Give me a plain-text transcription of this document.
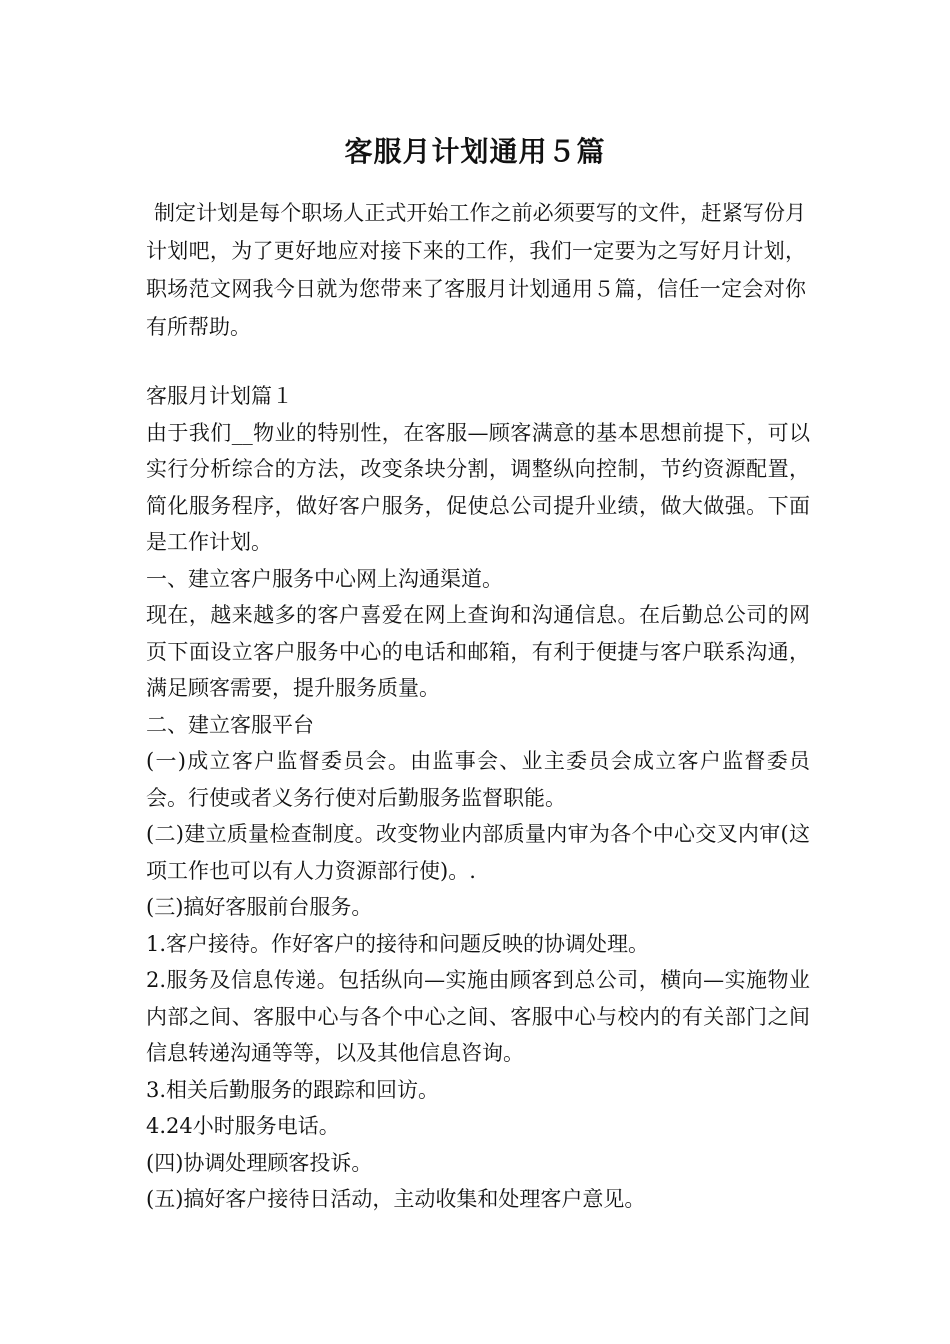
客服月计划通用５篇

制定计划是每个职场人正式开始工作之前必须要写的文件，赶紧写份月计划吧，为了更好地应对接下来的工作，我们一定要为之写好月计划，职场范文网我今日就为您带来了客服月计划通用５篇，信任一定会对你有所帮助。

客服月计划篇１

由于我们__物业的特别性，在客服—顾客满意的基本思想前提下，可以实行分析综合的方法，改变条块分割，调整纵向控制，节约资源配置，简化服务程序，做好客户服务，促使总公司提升业绩，做大做强。下面是工作计划。

一、建立客户服务中心网上沟通渠道。

现在，越来越多的客户喜爱在网上查询和沟通信息。在后勤总公司的网页下面设立客户服务中心的电话和邮箱，有利于便捷与客户联系沟通，满足顾客需要，提升服务质量。

二、建立客服平台

(一)成立客户监督委员会。由监事会、业主委员会成立客户监督委员会。行使或者义务行使对后勤服务监督职能。

(二)建立质量检查制度。改变物业内部质量内审为各个中心交叉内审(这项工作也可以有人力资源部行使)。.

(三)搞好客服前台服务。

1.客户接待。作好客户的接待和问题反映的协调处理。

2.服务及信息传递。包括纵向—实施由顾客到总公司，横向—实施物业内部之间、客服中心与各个中心之间、客服中心与校内的有关部门之间信息转递沟通等等，以及其他信息咨询。

3.相关后勤服务的跟踪和回访。

4.24小时服务电话。

(四)协调处理顾客投诉。

(五)搞好客户接待日活动，主动收集和处理客户意见。
